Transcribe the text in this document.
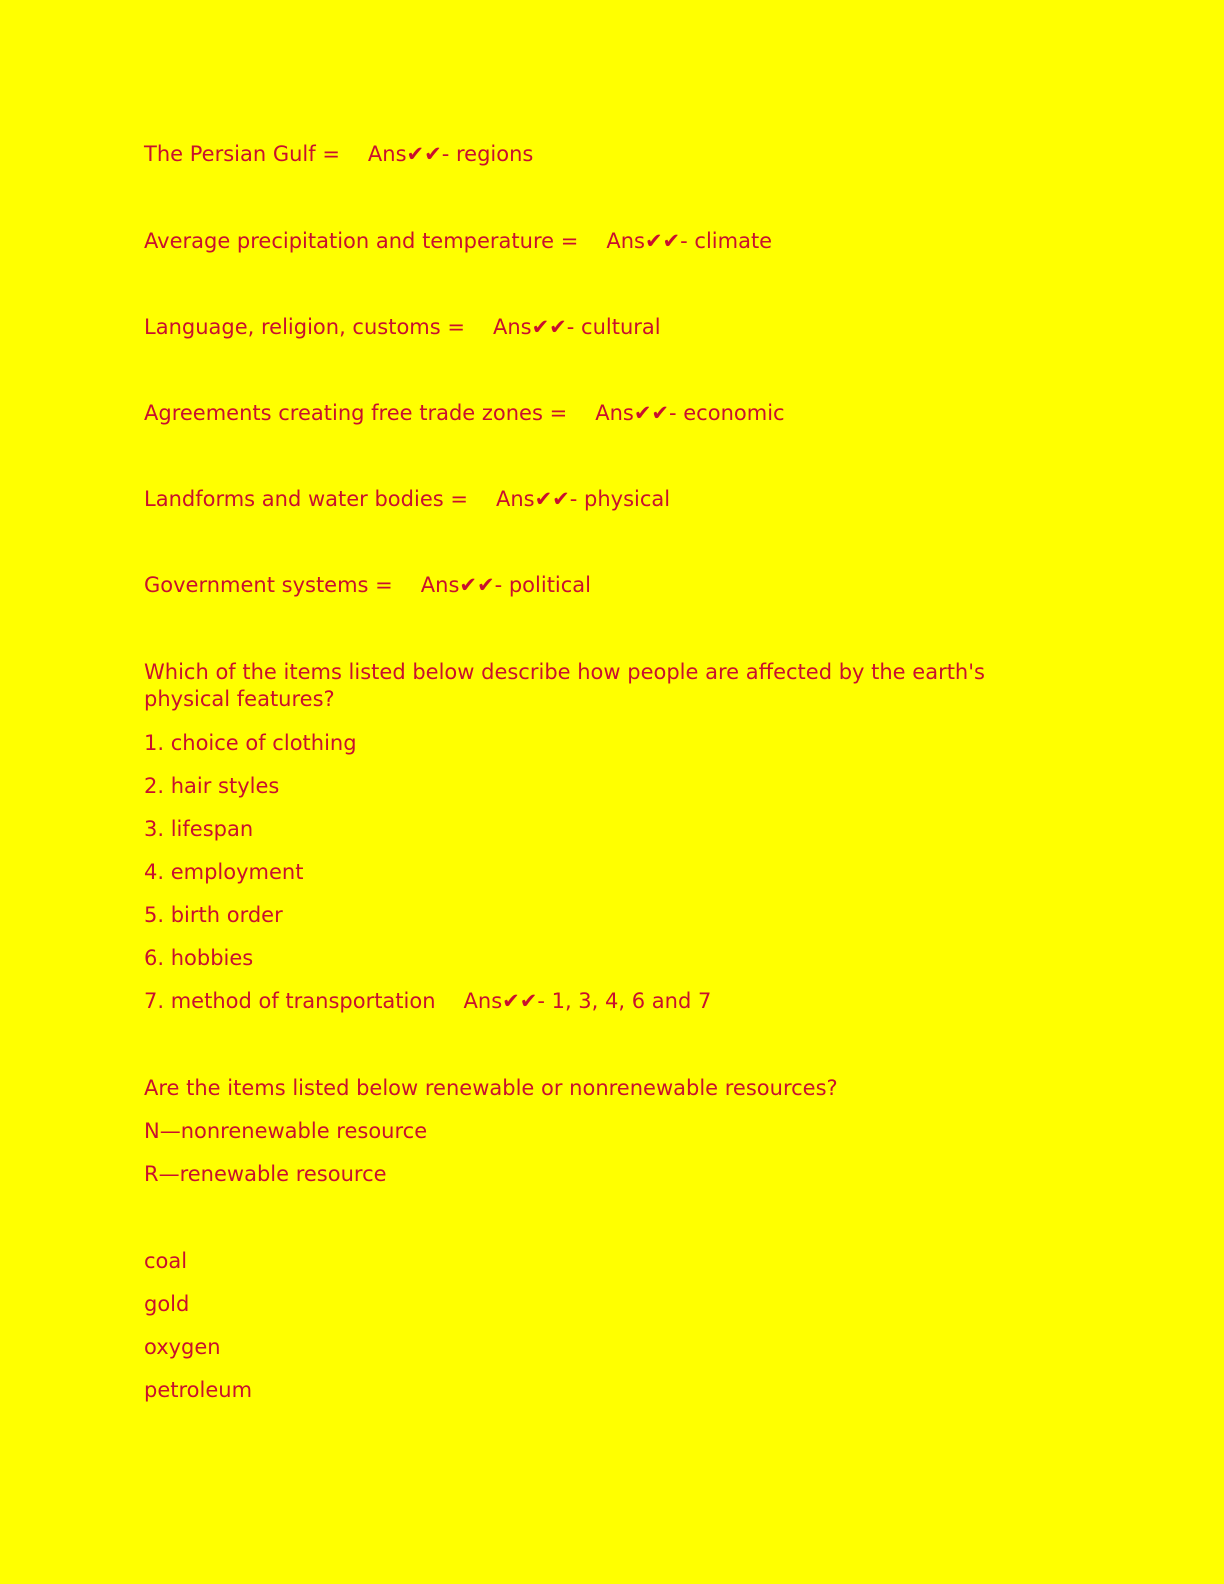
The Persian Gulf = Ans✔✔- regions
Average precipitation and temperature = Ans✔✔- climate
Language, religion, customs = Ans✔✔- cultural
Agreements creating free trade zones = Ans✔✔- economic
Landforms and water bodies = Ans✔✔- physical
Government systems = Ans✔✔- political
Which of the items listed below describe how people are affected by the earth's physical features?
1. choice of clothing
2. hair styles
3. lifespan
4. employment
5. birth order
6. hobbies
7. method of transportation Ans✔✔- 1, 3, 4, 6 and 7
Are the items listed below renewable or nonrenewable resources?
N—nonrenewable resource
R—renewable resource
coal
gold
oxygen
petroleum
